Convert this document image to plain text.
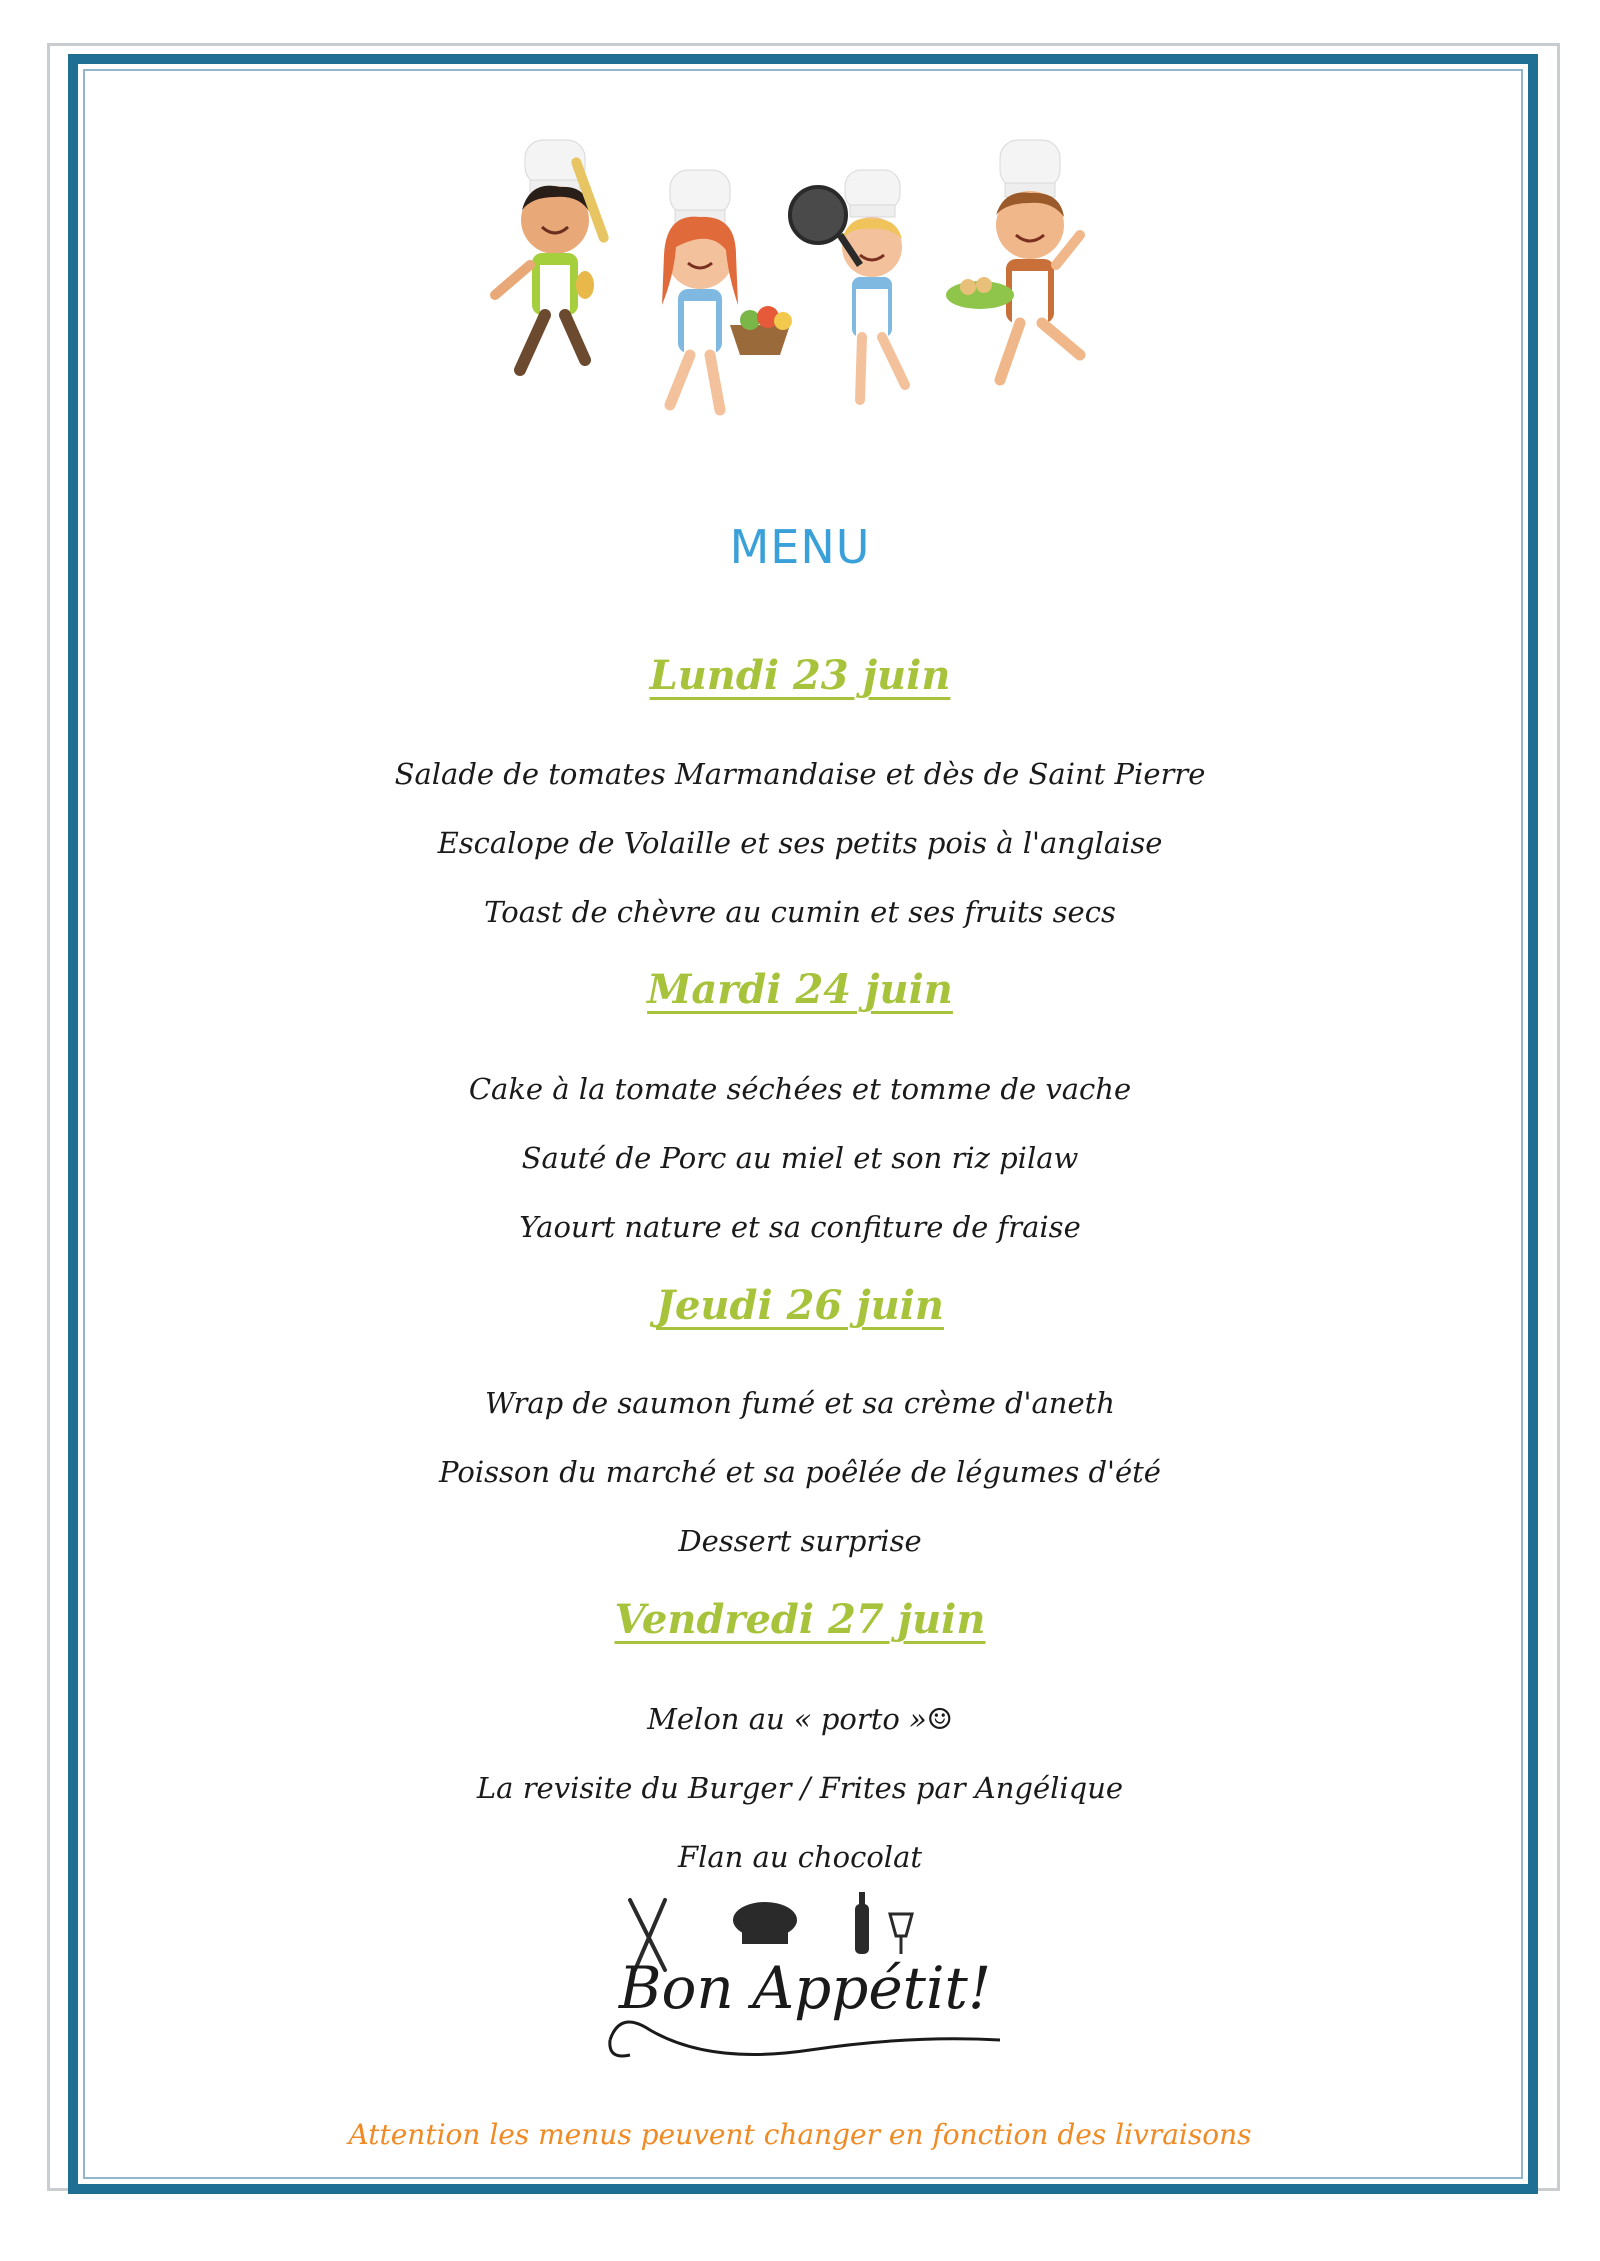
MENU
Lundi 23 juin
Salade de tomates Marmandaise et dès de Saint Pierre
Escalope de Volaille et ses petits pois à l'anglaise
Toast de chèvre au cumin et ses fruits secs
Mardi 24 juin
Cake à la tomate séchées et tomme de vache
Sauté de Porc au miel et son riz pilaw
Yaourt nature et sa confiture de fraise
Jeudi 26 juin
Wrap de saumon fumé et sa crème d'aneth
Poisson du marché et sa poêlée de légumes d'été
Dessert surprise
Vendredi 27 juin
Melon au « porto »☺
La revisite du Burger / Frites par Angélique
Flan au chocolat
Bon Appétit!
Attention les menus peuvent changer en fonction des livraisons
